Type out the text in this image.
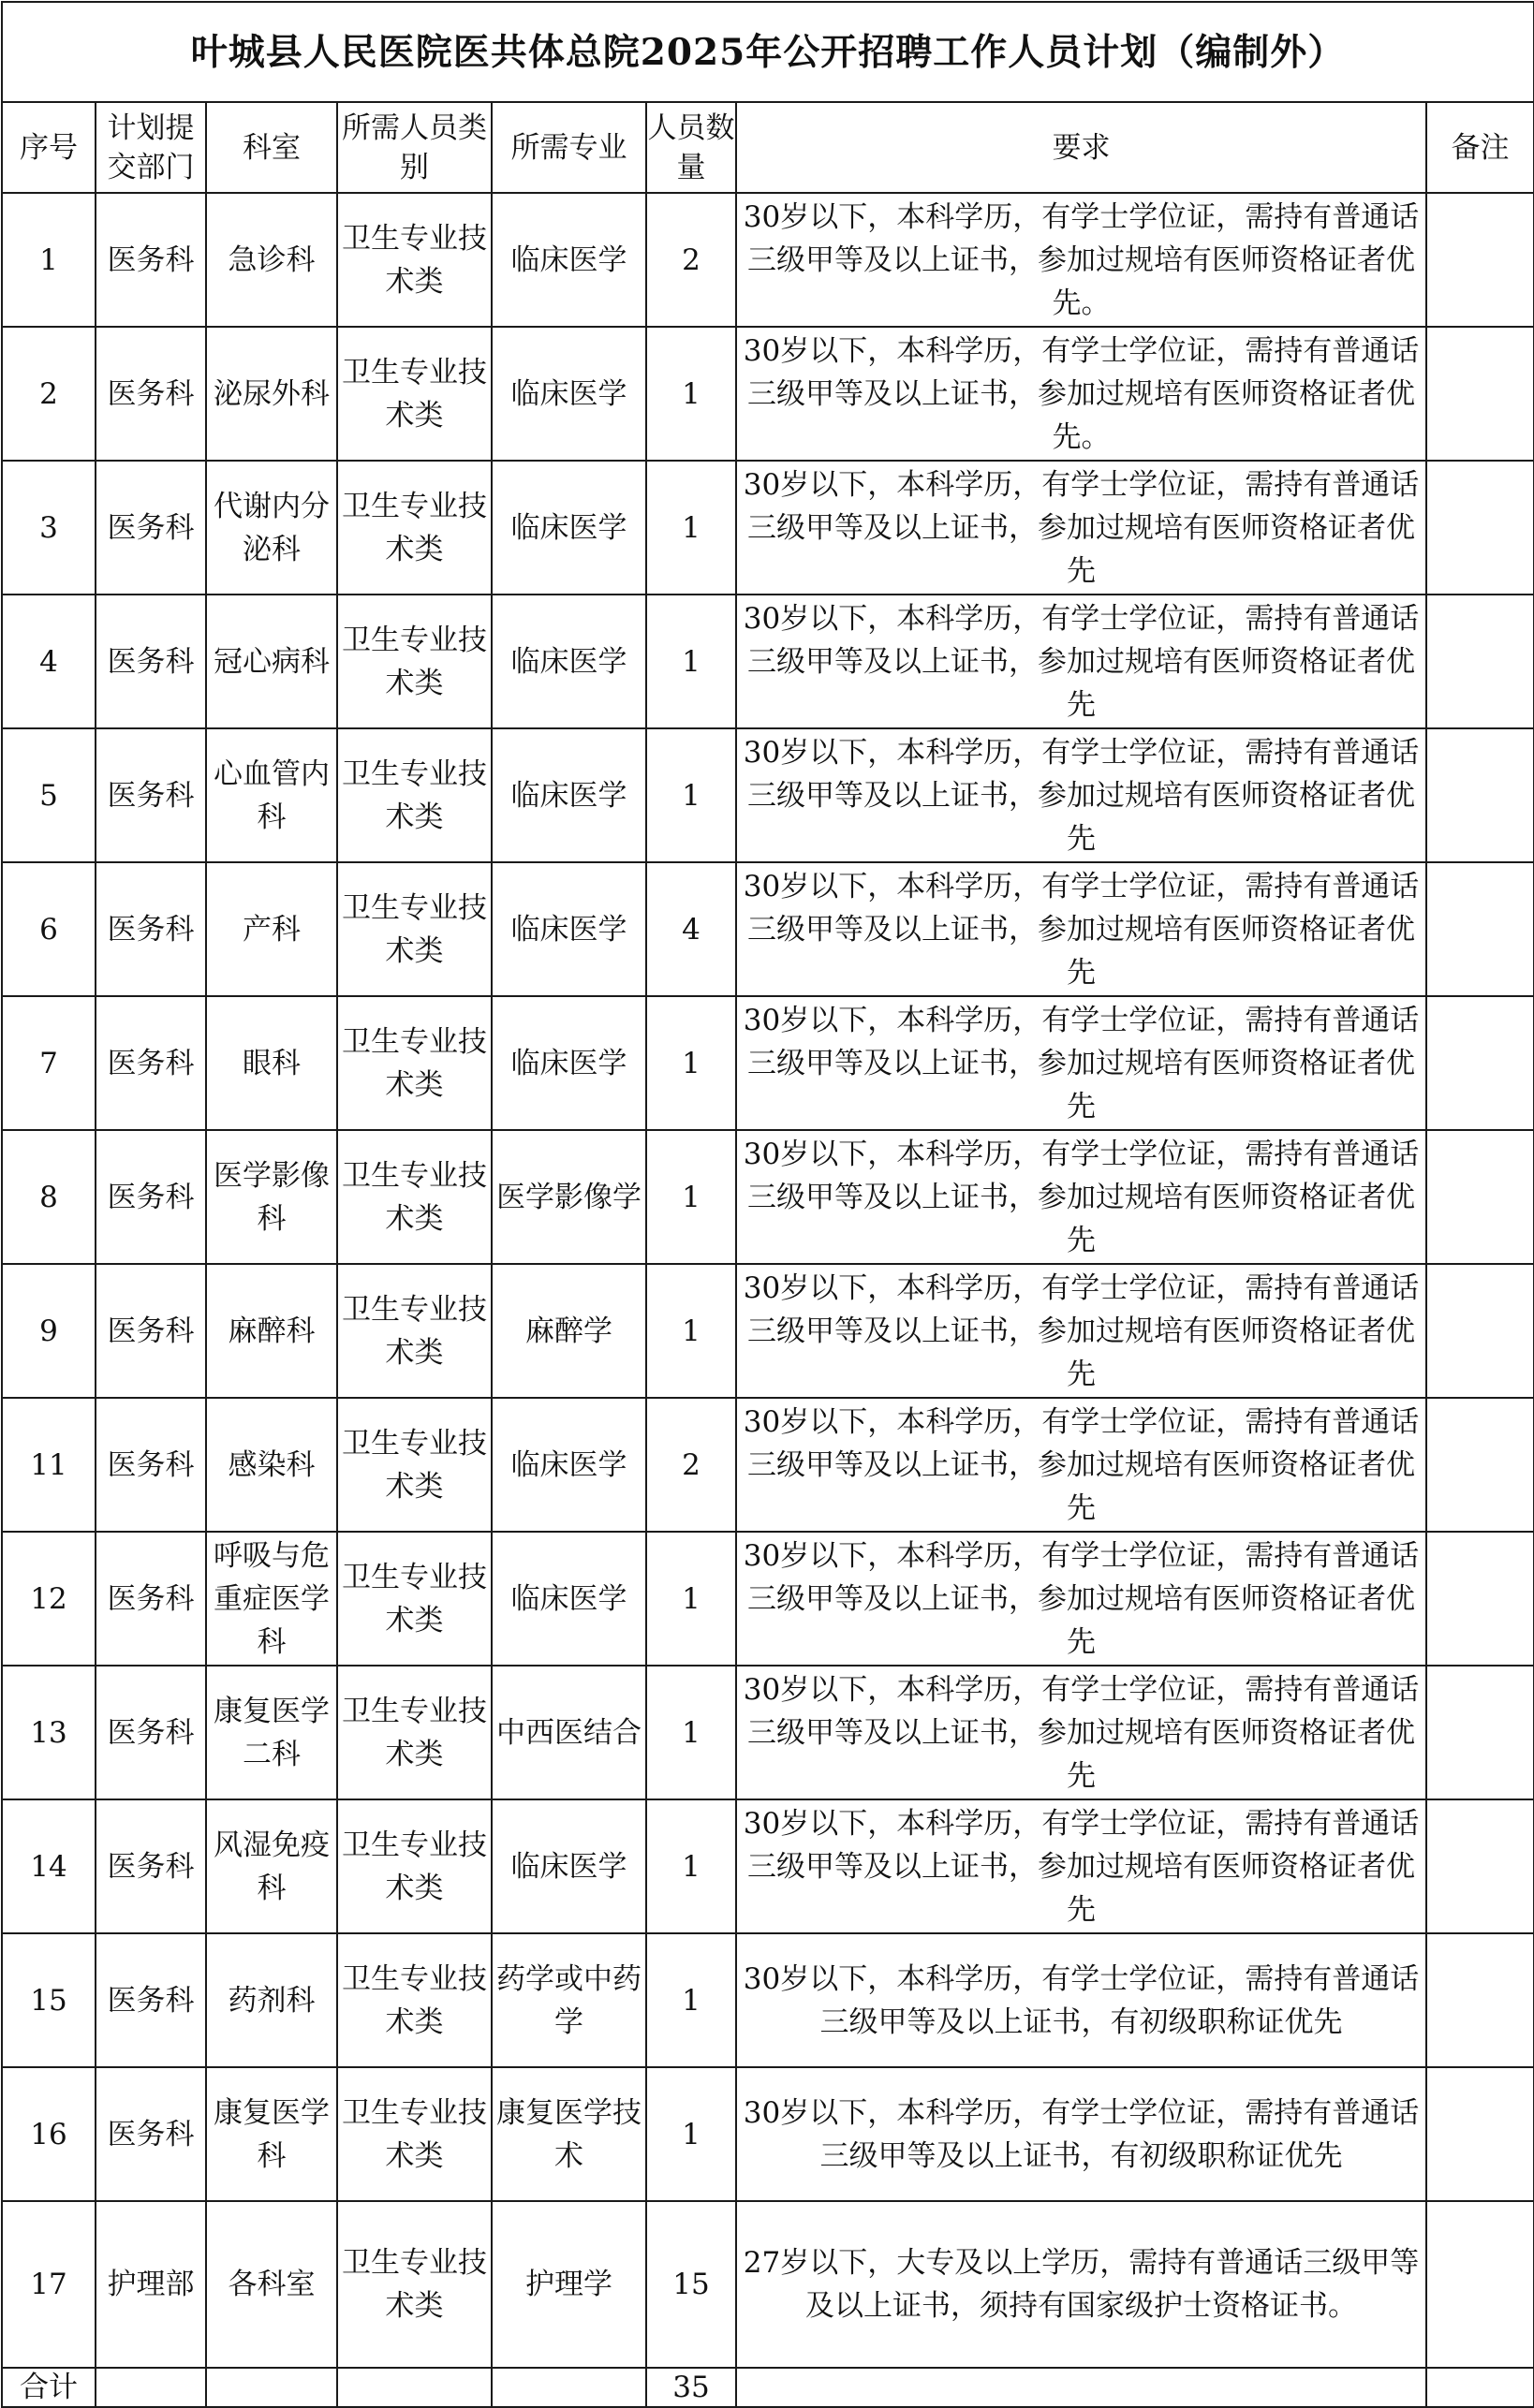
叶城县人民医院医共体总院2025年公开招聘工作人员计划（编制外）							
序号	计划提交部门	科室	所需人员类别	所需专业	人员数量	要求	备注
1	医务科	急诊科	卫生专业技术类	临床医学	2	30岁以下，本科学历，有学士学位证，需持有普通话三级甲等及以上证书，参加过规培有医师资格证者优先。	
2	医务科	泌尿外科	卫生专业技术类	临床医学	1	30岁以下，本科学历，有学士学位证，需持有普通话三级甲等及以上证书，参加过规培有医师资格证者优先。	
3	医务科	代谢内分泌科	卫生专业技术类	临床医学	1	30岁以下，本科学历，有学士学位证，需持有普通话三级甲等及以上证书，参加过规培有医师资格证者优先	
4	医务科	冠心病科	卫生专业技术类	临床医学	1	30岁以下，本科学历，有学士学位证，需持有普通话三级甲等及以上证书，参加过规培有医师资格证者优先	
5	医务科	心血管内科	卫生专业技术类	临床医学	1	30岁以下，本科学历，有学士学位证，需持有普通话三级甲等及以上证书，参加过规培有医师资格证者优先	
6	医务科	产科	卫生专业技术类	临床医学	4	30岁以下，本科学历，有学士学位证，需持有普通话三级甲等及以上证书，参加过规培有医师资格证者优先	
7	医务科	眼科	卫生专业技术类	临床医学	1	30岁以下，本科学历，有学士学位证，需持有普通话三级甲等及以上证书，参加过规培有医师资格证者优先	
8	医务科	医学影像科	卫生专业技术类	医学影像学	1	30岁以下，本科学历，有学士学位证，需持有普通话三级甲等及以上证书，参加过规培有医师资格证者优先	
9	医务科	麻醉科	卫生专业技术类	麻醉学	1	30岁以下，本科学历，有学士学位证，需持有普通话三级甲等及以上证书，参加过规培有医师资格证者优先	
11	医务科	感染科	卫生专业技术类	临床医学	2	30岁以下，本科学历，有学士学位证，需持有普通话三级甲等及以上证书，参加过规培有医师资格证者优先	
12	医务科	呼吸与危重症医学科	卫生专业技术类	临床医学	1	30岁以下，本科学历，有学士学位证，需持有普通话三级甲等及以上证书，参加过规培有医师资格证者优先	
13	医务科	康复医学二科	卫生专业技术类	中西医结合	1	30岁以下，本科学历，有学士学位证，需持有普通话三级甲等及以上证书，参加过规培有医师资格证者优先	
14	医务科	风湿免疫科	卫生专业技术类	临床医学	1	30岁以下，本科学历，有学士学位证，需持有普通话三级甲等及以上证书，参加过规培有医师资格证者优先	
15	医务科	药剂科	卫生专业技术类	药学或中药学	1	30岁以下，本科学历，有学士学位证，需持有普通话三级甲等及以上证书，有初级职称证优先	
16	医务科	康复医学科	卫生专业技术类	康复医学技术	1	30岁以下，本科学历，有学士学位证，需持有普通话三级甲等及以上证书，有初级职称证优先	
17	护理部	各科室	卫生专业技术类	护理学	15	27岁以下，大专及以上学历，需持有普通话三级甲等及以上证书，须持有国家级护士资格证书。	
合计					35		
